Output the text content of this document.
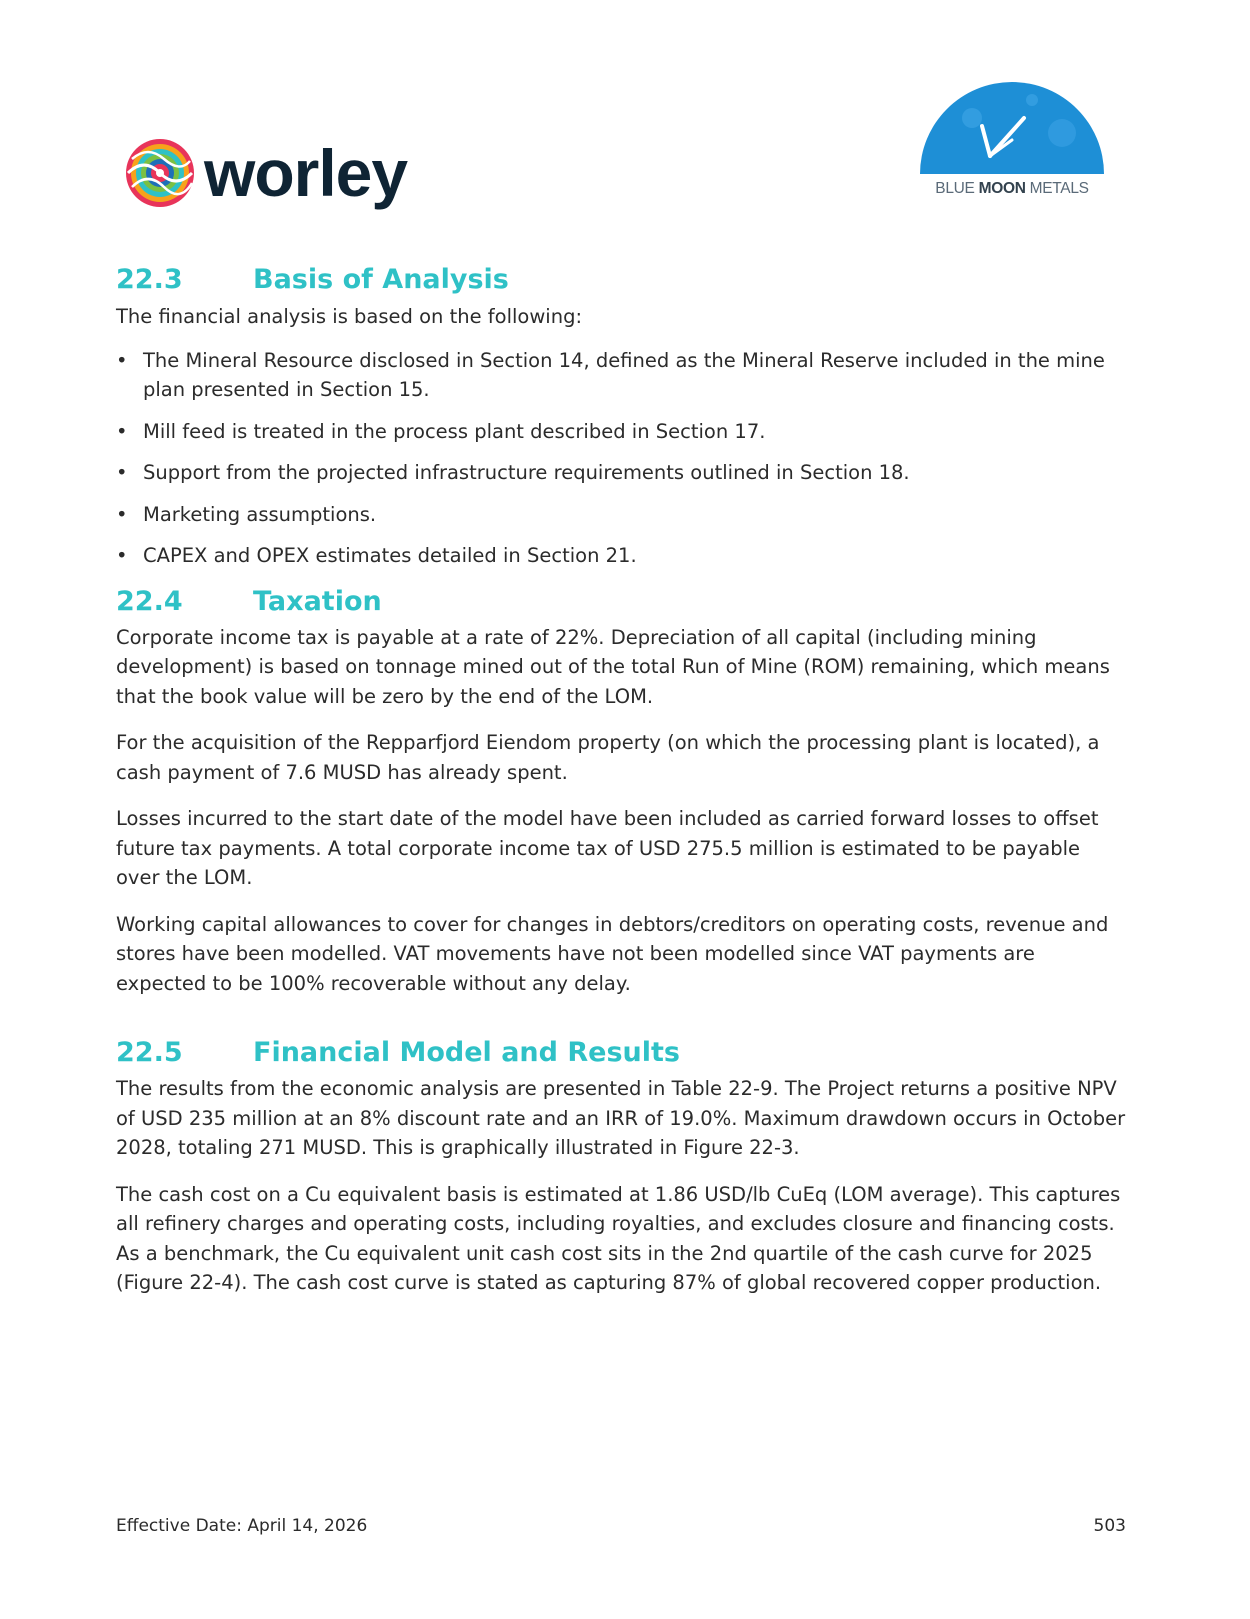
worley	BLUE MOON METALS
22.3	Basis of Analysis

The financial analysis is based on the following:

• The Mineral Resource disclosed in Section 14, defined as the Mineral Reserve included in the mine plan presented in Section 15.
• Mill feed is treated in the process plant described in Section 17.
• Support from the projected infrastructure requirements outlined in Section 18.
• Marketing assumptions.
• CAPEX and OPEX estimates detailed in Section 21.
22.4	Taxation

Corporate income tax is payable at a rate of 22%. Depreciation of all capital (including mining development) is based on tonnage mined out of the total Run of Mine (ROM) remaining, which means that the book value will be zero by the end of the LOM.

For the acquisition of the Repparfjord Eiendom property (on which the processing plant is located), a cash payment of 7.6 MUSD has already spent.

Losses incurred to the start date of the model have been included as carried forward losses to offset future tax payments. A total corporate income tax of USD 275.5 million is estimated to be payable over the LOM.

Working capital allowances to cover for changes in debtors/creditors on operating costs, revenue and stores have been modelled. VAT movements have not been modelled since VAT payments are expected to be 100% recoverable without any delay.

22.5	Financial Model and Results

The results from the economic analysis are presented in Table 22-9. The Project returns a positive NPV of USD 235 million at an 8% discount rate and an IRR of 19.0%. Maximum drawdown occurs in October 2028, totaling 271 MUSD. This is graphically illustrated in Figure 22-3.

The cash cost on a Cu equivalent basis is estimated at 1.86 USD/lb CuEq (LOM average). This captures all refinery charges and operating costs, including royalties, and excludes closure and financing costs. As a benchmark, the Cu equivalent unit cash cost sits in the 2nd quartile of the cash curve for 2025 (Figure 22-4). The cash cost curve is stated as capturing 87% of global recovered copper production.

Effective Date: April 14, 2026	503
